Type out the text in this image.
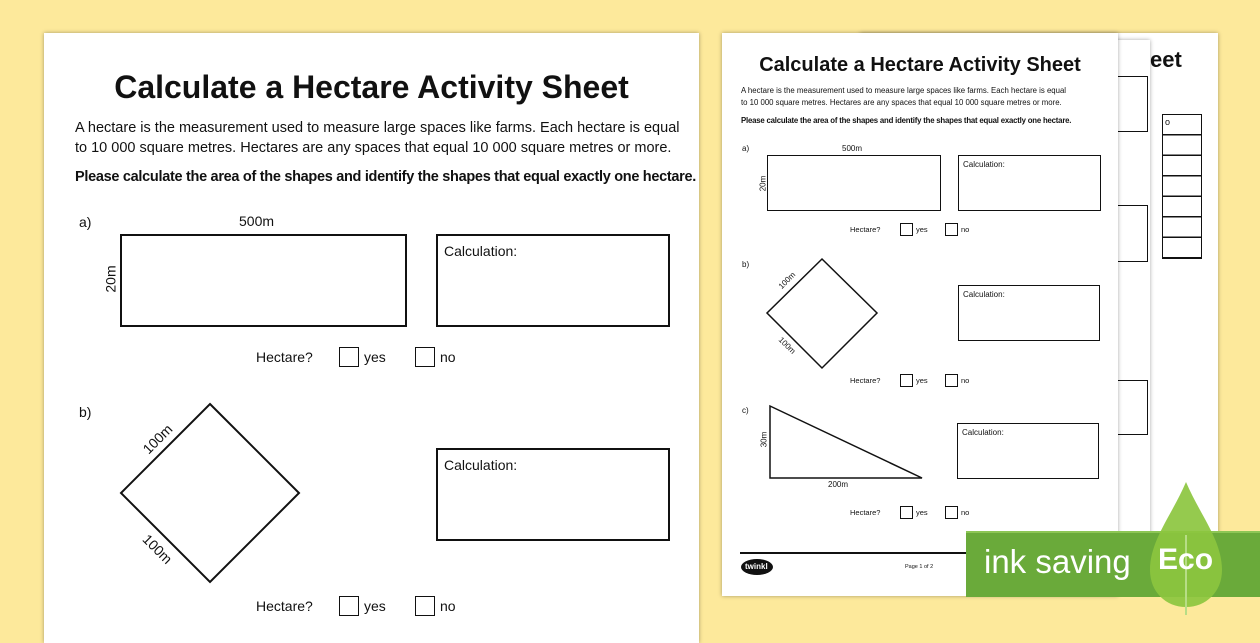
eet
o
Calculate a Hectare Activity Sheet
A hectare is the measurement used to measure large spaces like farms. Each hectare is equal
to 10 000 square metres. Hectares are any spaces that equal 10 000 square metres or more.
Please calculate the area of the shapes and identify the shapes that equal exactly one hectare.
a)	500m
20m
Calculation:
Hectare?	yes	no
b)
100m
100m
Calculation:
Hectare?	yes	no
Calculate a Hectare Activity Sheet
A hectare is the measurement used to measure large spaces like farms. Each hectare is equal
to 10 000 square metres. Hectares are any spaces that equal 10 000 square metres or more.
Please calculate the area of the shapes and identify the shapes that equal exactly one hectare.
twinkl
a)	500m
20m
Calculation:
Hectare?	yes	no
b)
100m
100m
Calculation:
Hectare?	yes	no
c)
30m
200m
Calculation:
Hectare?	yes	no
Page 1 of 2 ink saving Eco
